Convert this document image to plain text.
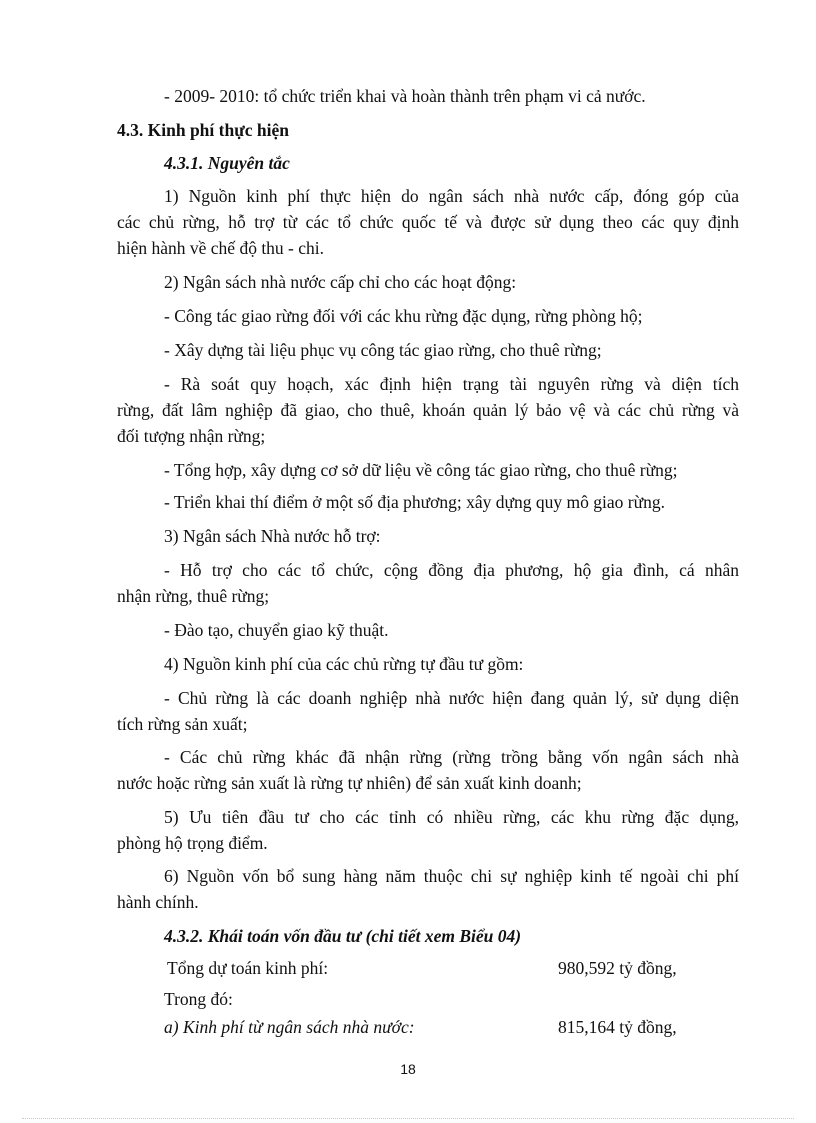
- 2009- 2010: tổ chức triển khai và hoàn thành trên phạm vi cả nước.
4.3. Kinh phí thực hiện
4.3.1. Nguyên tắc
1) Nguồn kinh phí thực hiện do ngân sách nhà nước cấp, đóng góp của
các chủ rừng, hỗ trợ từ các tổ chức quốc tế và được sử dụng theo các quy định
hiện hành về chế độ thu - chi.
2) Ngân sách nhà nước cấp chỉ cho các hoạt động:
- Công tác giao rừng đối với các khu rừng đặc dụng, rừng phòng hộ;
- Xây dựng tài liệu phục vụ công tác giao rừng, cho thuê rừng;
- Rà soát quy hoạch, xác định hiện trạng tài nguyên rừng và diện tích
rừng, đất lâm nghiệp đã giao, cho thuê, khoán quản lý bảo vệ và các chủ rừng và
đối tượng nhận rừng;
- Tổng hợp, xây dựng cơ sở dữ liệu về công tác giao rừng, cho thuê rừng;
- Triển khai thí điểm ở một số địa phương; xây dựng quy mô giao rừng.
3) Ngân sách Nhà nước hỗ trợ:
- Hỗ trợ cho các tổ chức, cộng đồng địa phương, hộ gia đình, cá nhân
nhận rừng, thuê rừng;
- Đào tạo, chuyển giao kỹ thuật.
4) Nguồn kinh phí của các chủ rừng tự đầu tư gồm:
- Chủ rừng là các doanh nghiệp nhà nước hiện đang quản lý, sử dụng diện
tích rừng sản xuất;
- Các chủ rừng khác đã nhận rừng (rừng trồng bằng vốn ngân sách nhà
nước hoặc rừng sản xuất là rừng tự nhiên) để sản xuất kinh doanh;
5) Ưu tiên đầu tư cho các tỉnh có nhiều rừng, các khu rừng đặc dụng,
phòng hộ trọng điểm.
6) Nguồn vốn bổ sung hàng năm thuộc chi sự nghiệp kinh tế ngoài chi phí
hành chính.
4.3.2. Khái toán vốn đầu tư (chi tiết xem Biểu 04)
Tổng dự toán kinh phí:	980,592 tỷ đồng,
Trong đó:
a) Kinh phí từ ngân sách nhà nước:	815,164 tỷ đồng,
18
